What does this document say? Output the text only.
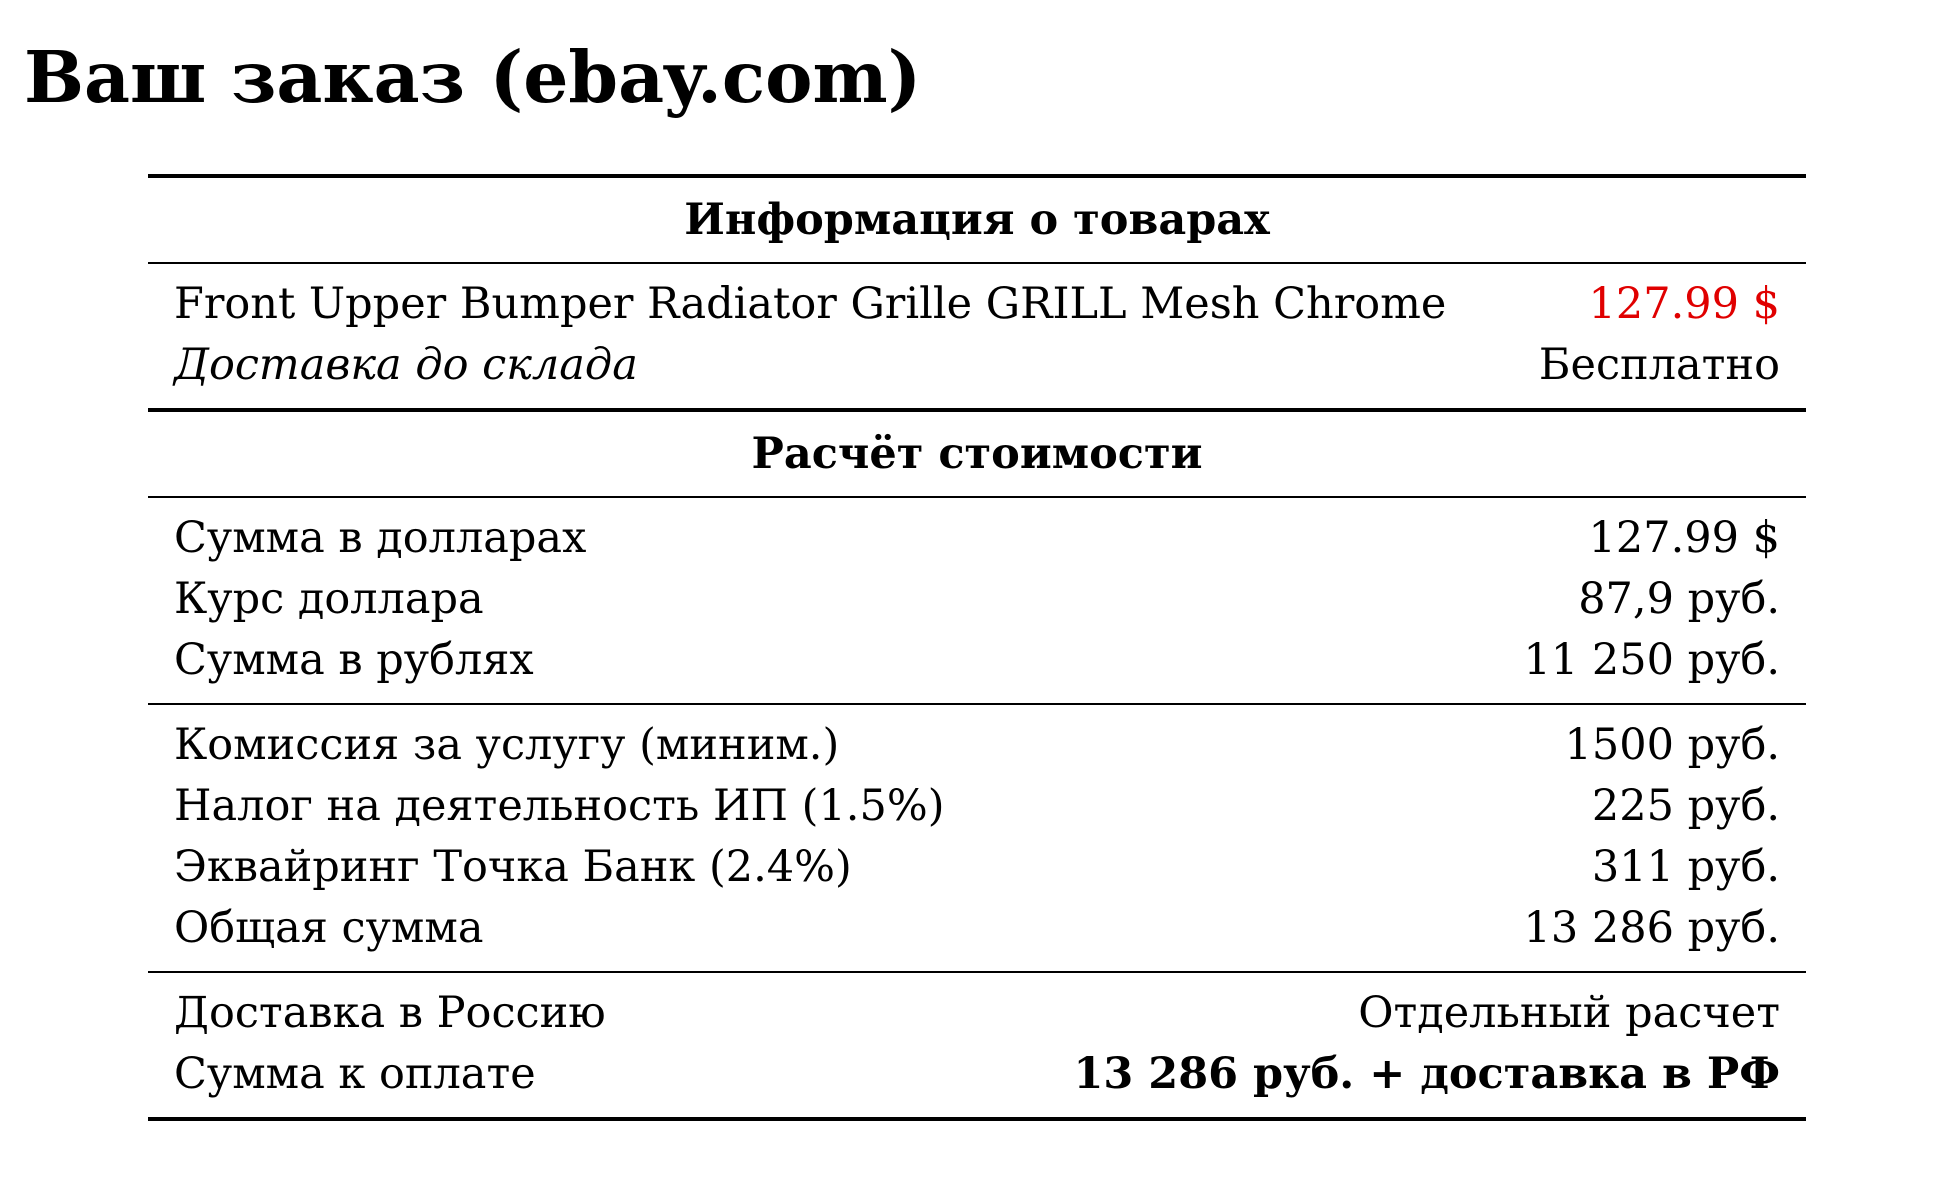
Ваш заказ (ebay.com)
Информация о товарах
Front Upper Bumper Radiator Grille GRILL Mesh Chrome	127.99 $
Доставка до склада	Бесплатно
Расчёт стоимости
Сумма в долларах	127.99 $
Курс доллара	87,9 руб.
Сумма в рублях	11 250 руб.
Комиссия за услугу (миним.)	1500 руб.
Налог на деятельность ИП (1.5%)	225 руб.
Эквайринг Точка Банк (2.4%)	311 руб.
Общая сумма	13 286 руб.
Доставка в Россию	Отдельный расчет
Сумма к оплате	13 286 руб. + доставка в РФ
